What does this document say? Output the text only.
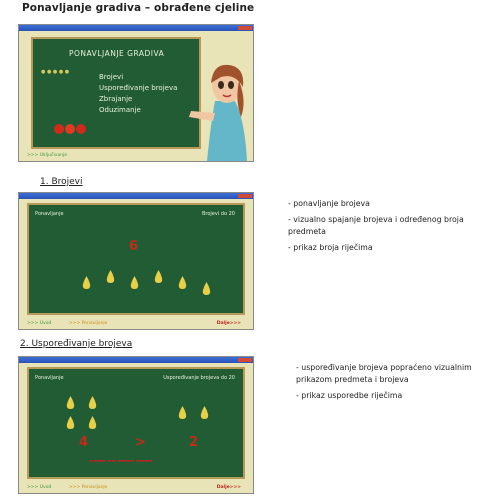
Ponavljanje gradiva – obrađene cjeline
PONAVLJANJE GRADIVA
● ● ● ● ●
Brojevi
Uspoređivanje brojeva
Zbrajanje
Oduzimanje
>>> Uključivanje
1. Brojevi
Ponavljanje	Brojevi do 20
6
>>> Uvod	>>> Ponavljanje	Dalje>>>
- ponavljanje brojeva
- vizualno spajanje brojeva i određenog broja predmeta
- prikaz broja riječima
2. Uspoređivanje brojeva
Ponavljanje	Uspoređivanje brojeva do 20
4	>	2
▬▬▬▬ ▬▬ ▬▬▬▬ ▬▬▬▬
>>> Uvod	>>> Ponavljanje	Dalje>>>
- uspoređivanje brojeva popraćeno vizualnim prikazom predmeta i brojeva
- prikaz usporedbe riječima
